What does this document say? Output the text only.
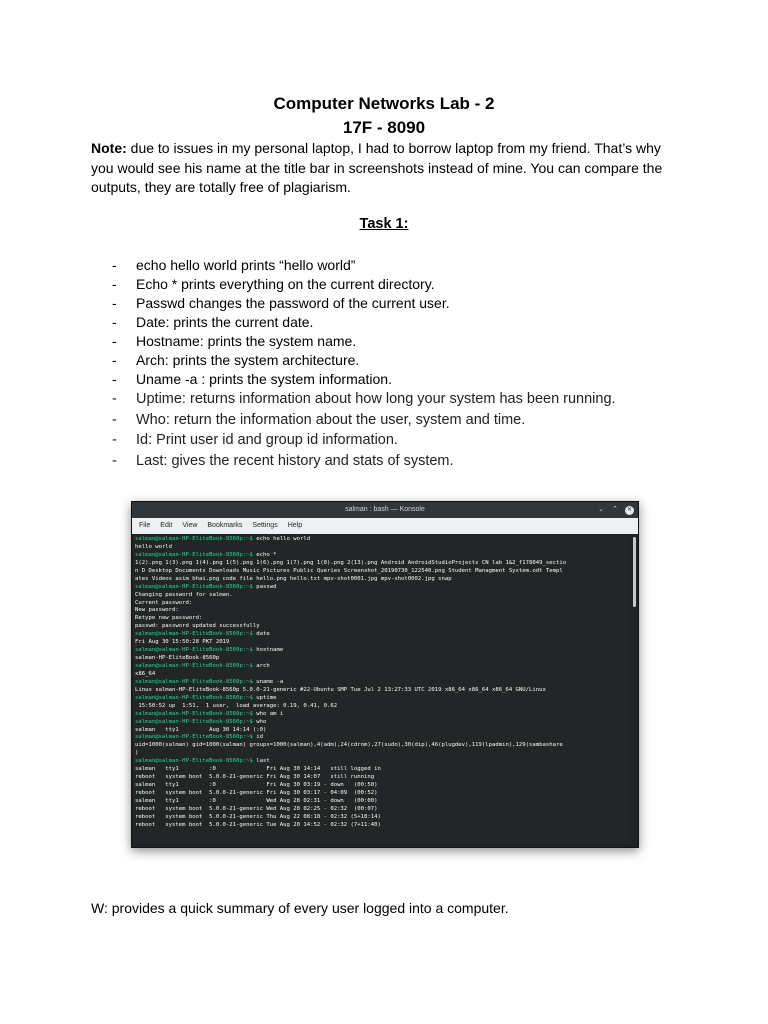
Computer Networks Lab - 2
17F - 8090

Note: due to issues in my personal laptop, I had to borrow laptop from my friend. That’s why you would see his name at the title bar in screenshots instead of mine. You can compare the outputs, they are totally free of plagiarism.

Task 1:
- echo hello world prints “hello world”
- Echo * prints everything on the current directory.
- Passwd changes the password of the current user.
- Date: prints the current date.
- Hostname: prints the system name.
- Arch: prints the system architecture.
- Uname -a : prints the system information.
- Uptime: returns information about how long your system has been running.
- Who: return the information about the user, system and time.
- Id: Print user id and group id information.
- Last: gives the recent history and stats of system.
salman : bash — Konsole	⌄ ⌃	✕
File Edit View Bookmarks Settings Help
salman@salman-HP-EliteBook-8560p:~$ echo hello world
hello world
salman@salman-HP-EliteBook-8560p:~$ echo *
1(2).png 1(3).png 1(4).png 1(5).png 1(6).png 1(7).png 1(8).png 2(13).png Android AndroidStudioProjects CN lab 1&2_f178049_sectio
n D Desktop Documents Downloads Music Pictures Public Queries Screenshot_20190730_122540.png Student Managment System.odt Templ
ates Videos asim bhai.png code file hello.png hello.txt mpv-shot0001.jpg mpv-shot0002.jpg snap
salman@salman-HP-EliteBook-8560p:~$ passwd
Changing password for salman.
Current password:
New password:
Retype new password:
passwd: password updated successfully
salman@salman-HP-EliteBook-8560p:~$ date
Fri Aug 30 15:50:28 PKT 2019
salman@salman-HP-EliteBook-8560p:~$ hostname
salman-HP-EliteBook-8560p
salman@salman-HP-EliteBook-8560p:~$ arch
x86_64
salman@salman-HP-EliteBook-8560p:~$ uname -a
Linux salman-HP-EliteBook-8560p 5.0.0-21-generic #22-Ubuntu SMP Tue Jul 2 13:27:33 UTC 2019 x86_64 x86_64 x86_64 GNU/Linux
salman@salman-HP-EliteBook-8560p:~$ uptime
15:50:52 up  1:51,  1 user,  load average: 0.19, 0.41, 0.62
salman@salman-HP-EliteBook-8560p:~$ who am i
salman@salman-HP-EliteBook-8560p:~$ who
salman   tty1         Aug 30 14:14 (:0)
salman@salman-HP-EliteBook-8560p:~$ id
uid=1000(salman) gid=1000(salman) groups=1000(salman),4(adm),24(cdrom),27(sudo),30(dip),46(plugdev),119(lpadmin),129(sambashare
)
salman@salman-HP-EliteBook-8560p:~$ last
salman   tty1         :0               Fri Aug 30 14:14   still logged in
reboot   system boot  5.0.0-21-generic Fri Aug 30 14:07   still running
salman   tty1         :0               Fri Aug 30 03:19 - down   (00:50)
reboot   system boot  5.0.0-21-generic Fri Aug 30 03:17 - 04:09  (00:52)
salman   tty1         :0               Wed Aug 28 02:31 - down   (00:00)
reboot   system boot  5.0.0-21-generic Wed Aug 28 02:25 - 02:32  (00:07)
reboot   system boot  5.0.0-21-generic Thu Aug 22 08:18 - 02:32 (5+18:14)
reboot   system boot  5.0.0-21-generic Tue Aug 20 14:52 - 02:32 (7+11:40)

W: provides a quick summary of every user logged into a computer.
